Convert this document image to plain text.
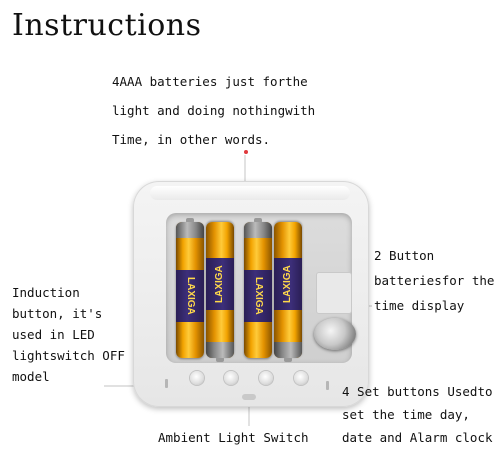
Instructions
LAXIGA	LAXIGA	LAXIGA	LAXIGA
4AAA batteries just forthe
light and doing nothingwith
Time, in other words.
2 Button
batteriesfor the
time display
Induction
button, it's
used in LED
lightswitch OFF
model
4 Set buttons Usedto
set the time day,
date and Alarm clock
Ambient Light Switch
